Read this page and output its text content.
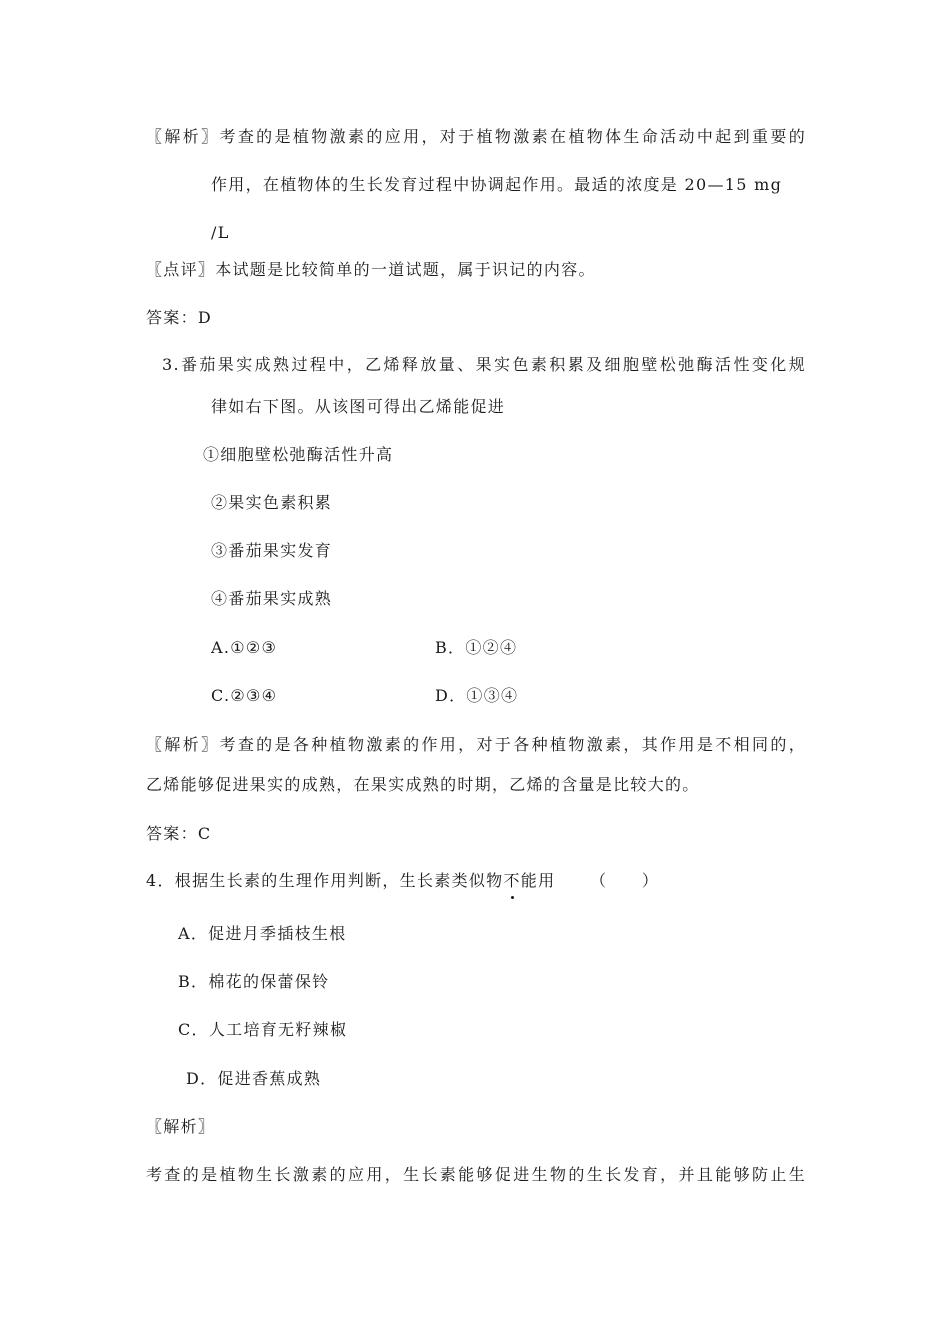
〖解析〗考查的是植物激素的应用，对于植物激素在植物体生命活动中起到重要的
作用，在植物体的生长发育过程中协调起作用。最适的浓度是 20—15 mg
/L
〖点评〗本试题是比较简单的一道试题，属于识记的内容。
答案：D
3.番茄果实成熟过程中，乙烯释放量、果实色素积累及细胞壁松弛酶活性变化规
律如右下图。从该图可得出乙烯能促进
①细胞壁松弛酶活性升高
②果实色素积累
③番茄果实发育
④番茄果实成熟
A.①②③	B．①②④
C.②③④	D．①③④
〖解析〗考查的是各种植物激素的作用，对于各种植物激素，其作用是不相同的，
乙烯能够促进果实的成熟，在果实成熟的时期，乙烯的含量是比较大的。
答案：C
4．根据生长素的生理作用判断，生长素类似物不能用 （　　）
A．促进月季插枝生根
B．棉花的保蕾保铃
C．人工培育无籽辣椒
D．促进香蕉成熟
〖解析〗
考查的是植物生长激素的应用，生长素能够促进生物的生长发育，并且能够防止生
